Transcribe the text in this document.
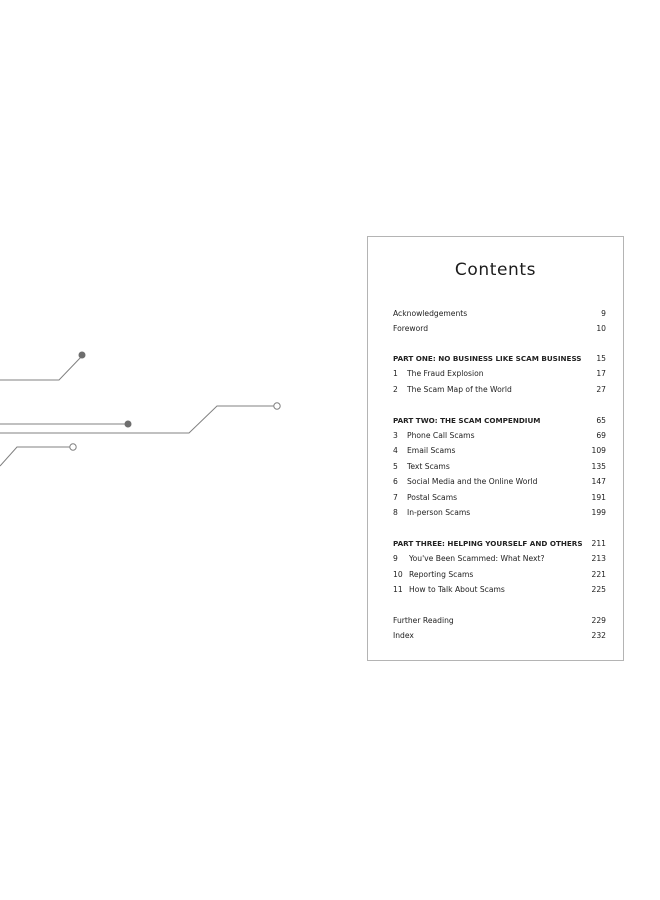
Contents
Acknowledgements	9
Foreword	10
PART ONE: NO BUSINESS LIKE SCAM BUSINESS 15
1	The Fraud Explosion	17
2	The Scam Map of the World	27
PART TWO: THE SCAM COMPENDIUM	65
3	Phone Call Scams	69
4	Email Scams	109
5	Text Scams	135
6	Social Media and the Online World	147
7	Postal Scams	191
8	In-person Scams	199
PART THREE: HELPING YOURSELF AND OTHERS 211
9	You've Been Scammed: What Next?	213
10 Reporting Scams	221
11 How to Talk About Scams	225
Further Reading	229
Index	232
